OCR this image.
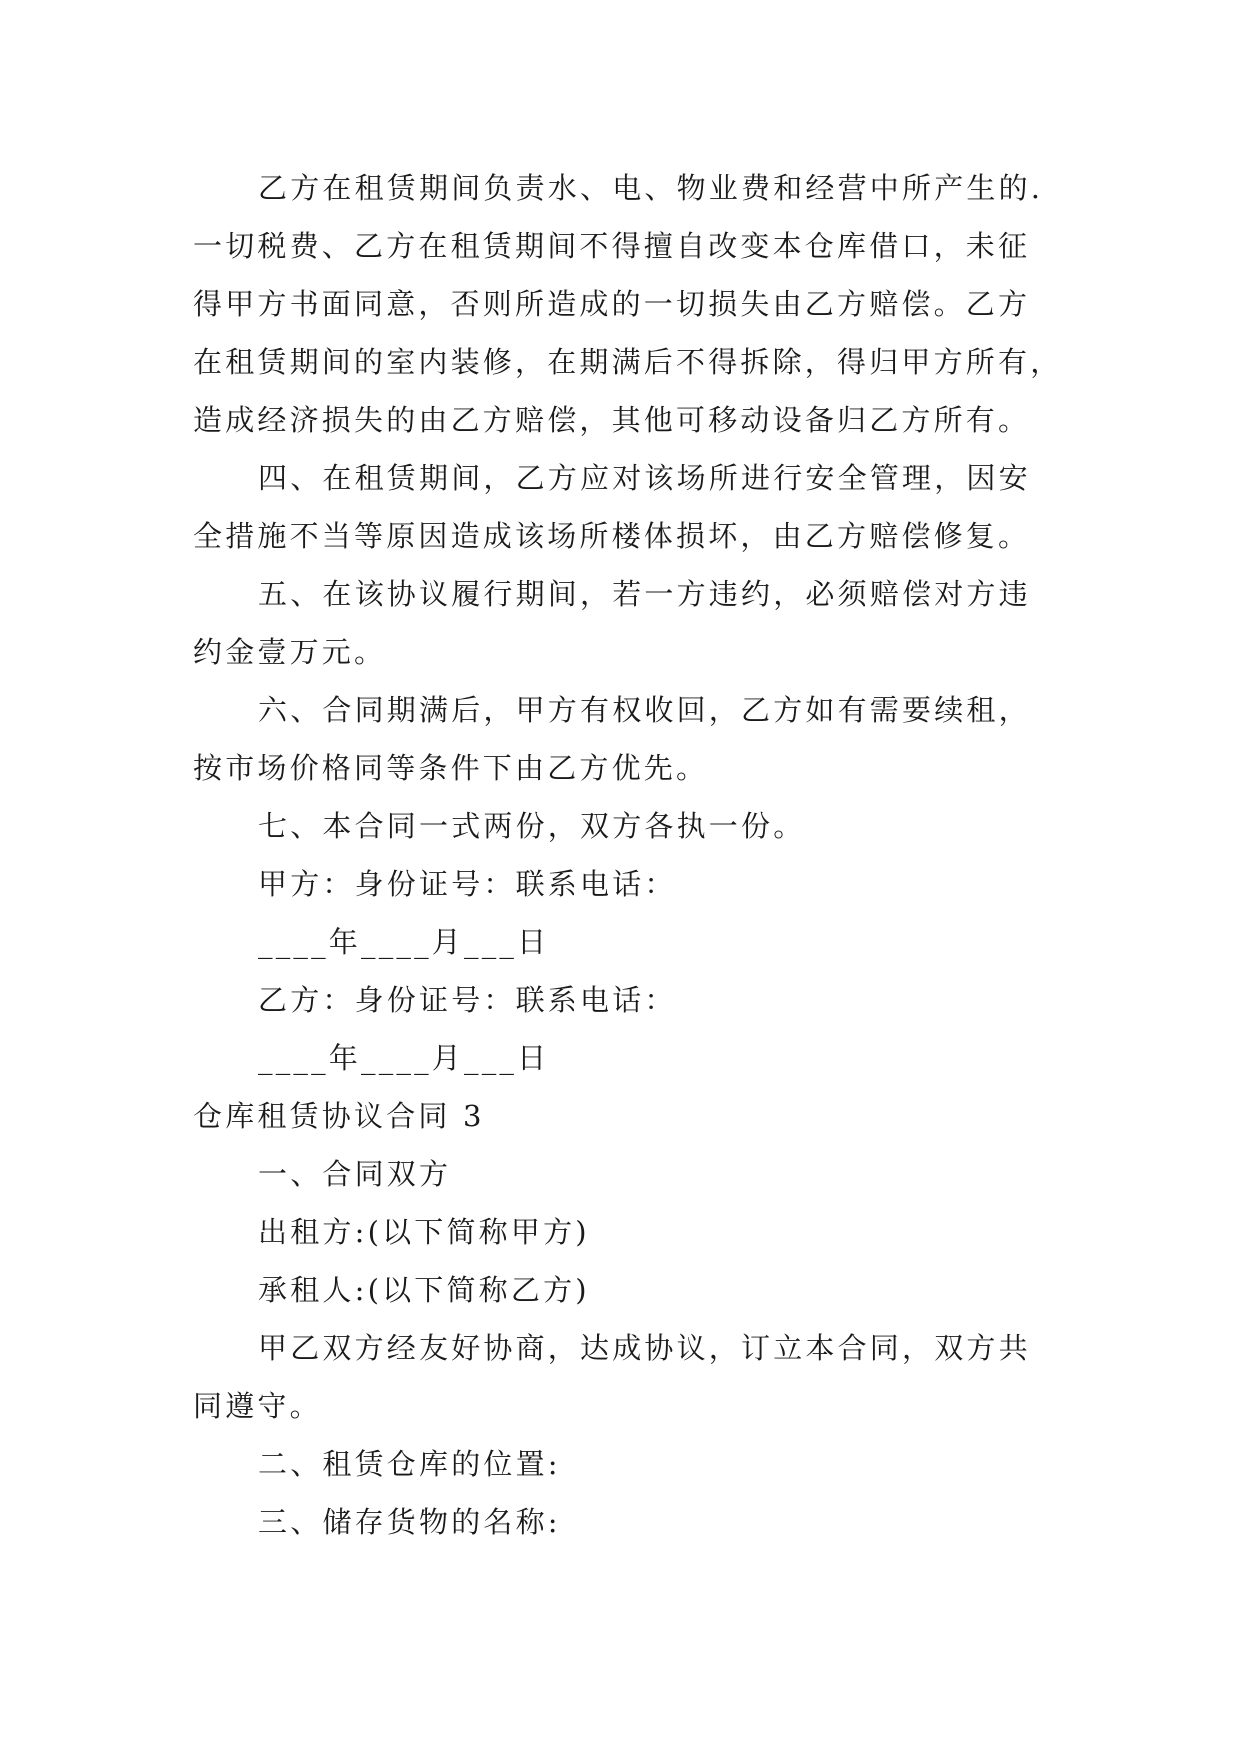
乙方在租赁期间负责水、电、物业费和经营中所产生的.
一切税费、乙方在租赁期间不得擅自改变本仓库借口，未征
得甲方书面同意，否则所造成的一切损失由乙方赔偿。乙方
在租赁期间的室内装修，在期满后不得拆除，得归甲方所有，
造成经济损失的由乙方赔偿，其他可移动设备归乙方所有。
四、在租赁期间，乙方应对该场所进行安全管理，因安
全措施不当等原因造成该场所楼体损坏，由乙方赔偿修复。
五、在该协议履行期间，若一方违约，必须赔偿对方违
约金壹万元。
六、合同期满后，甲方有权收回，乙方如有需要续租，
按市场价格同等条件下由乙方优先。
七、本合同一式两份，双方各执一份。
甲方：身份证号：联系电话：
____年____月___日
乙方：身份证号：联系电话：
____年____月___日
仓库租赁协议合同 3
一、合同双方
出租方:(以下简称甲方)
承租人:(以下简称乙方)
甲乙双方经友好协商，达成协议，订立本合同，双方共
同遵守。
二、租赁仓库的位置:
三、储存货物的名称:
